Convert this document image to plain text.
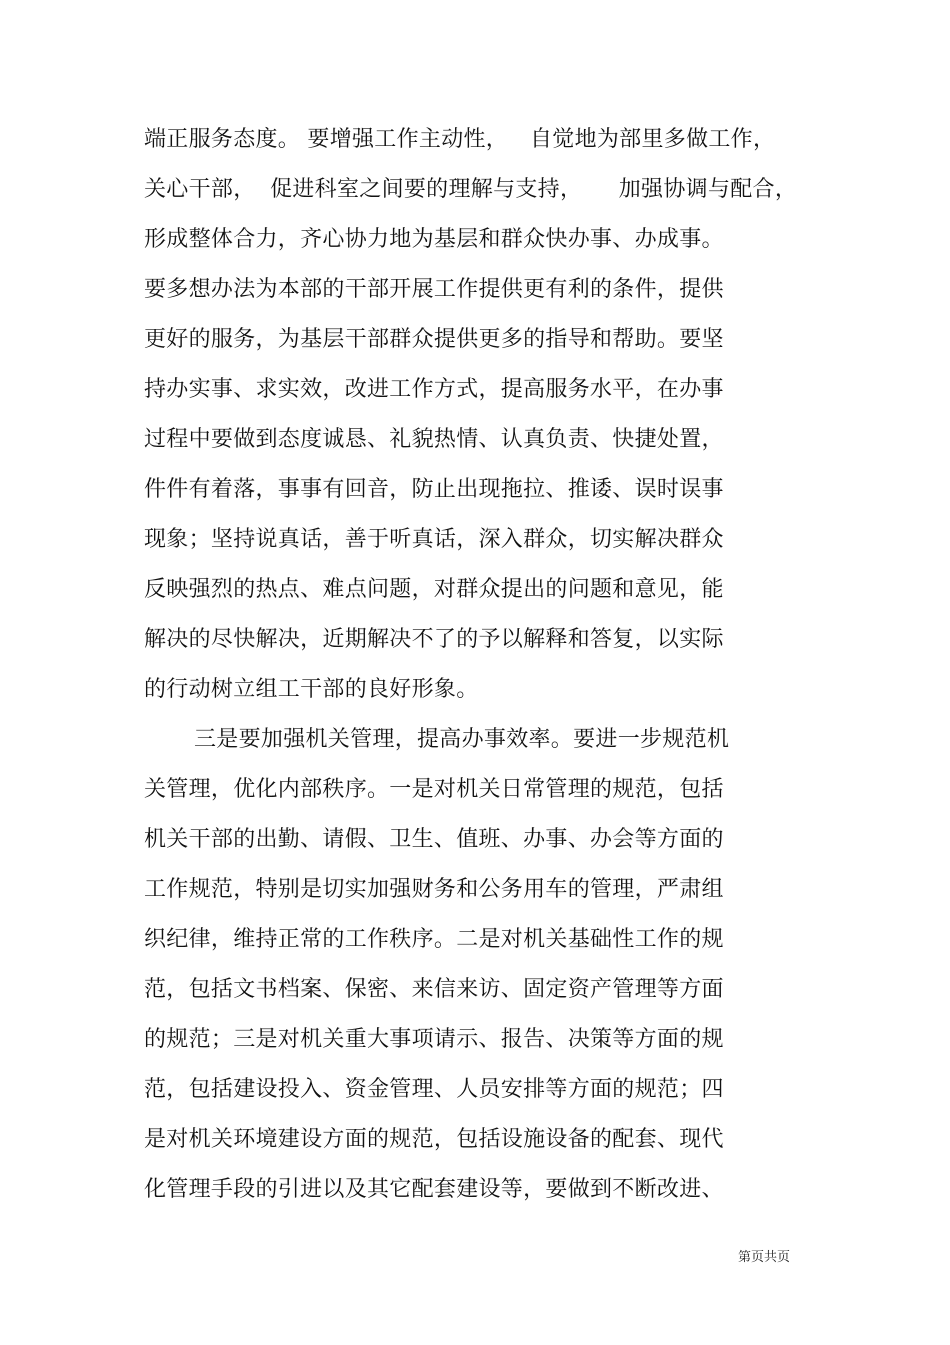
端正服务态度。 要增强工作主动性，   自觉地为部里多做工作，
关心干部，  促进科室之间要的理解与支持，     加强协调与配合，
形成整体合力，齐心协力地为基层和群众快办事、办成事。
要多想办法为本部的干部开展工作提供更有利的条件，提供
更好的服务，为基层干部群众提供更多的指导和帮助。要坚
持办实事、求实效，改进工作方式，提高服务水平，在办事
过程中要做到态度诚恳、礼貌热情、认真负责、快捷处置，
件件有着落，事事有回音，防止出现拖拉、推诿、误时误事
现象；坚持说真话，善于听真话，深入群众，切实解决群众
反映强烈的热点、难点问题，对群众提出的问题和意见，能
解决的尽快解决，近期解决不了的予以解释和答复，以实际
的行动树立组工干部的良好形象。
三是要加强机关管理，提高办事效率。要进一步规范机
关管理，优化内部秩序。一是对机关日常管理的规范，包括
机关干部的出勤、请假、卫生、值班、办事、办会等方面的
工作规范，特别是切实加强财务和公务用车的管理，严肃组
织纪律，维持正常的工作秩序。二是对机关基础性工作的规
范，包括文书档案、保密、来信来访、固定资产管理等方面
的规范；三是对机关重大事项请示、报告、决策等方面的规
范，包括建设投入、资金管理、人员安排等方面的规范；四
是对机关环境建设方面的规范，包括设施设备的配套、现代
化管理手段的引进以及其它配套建设等，要做到不断改进、
第页共页
